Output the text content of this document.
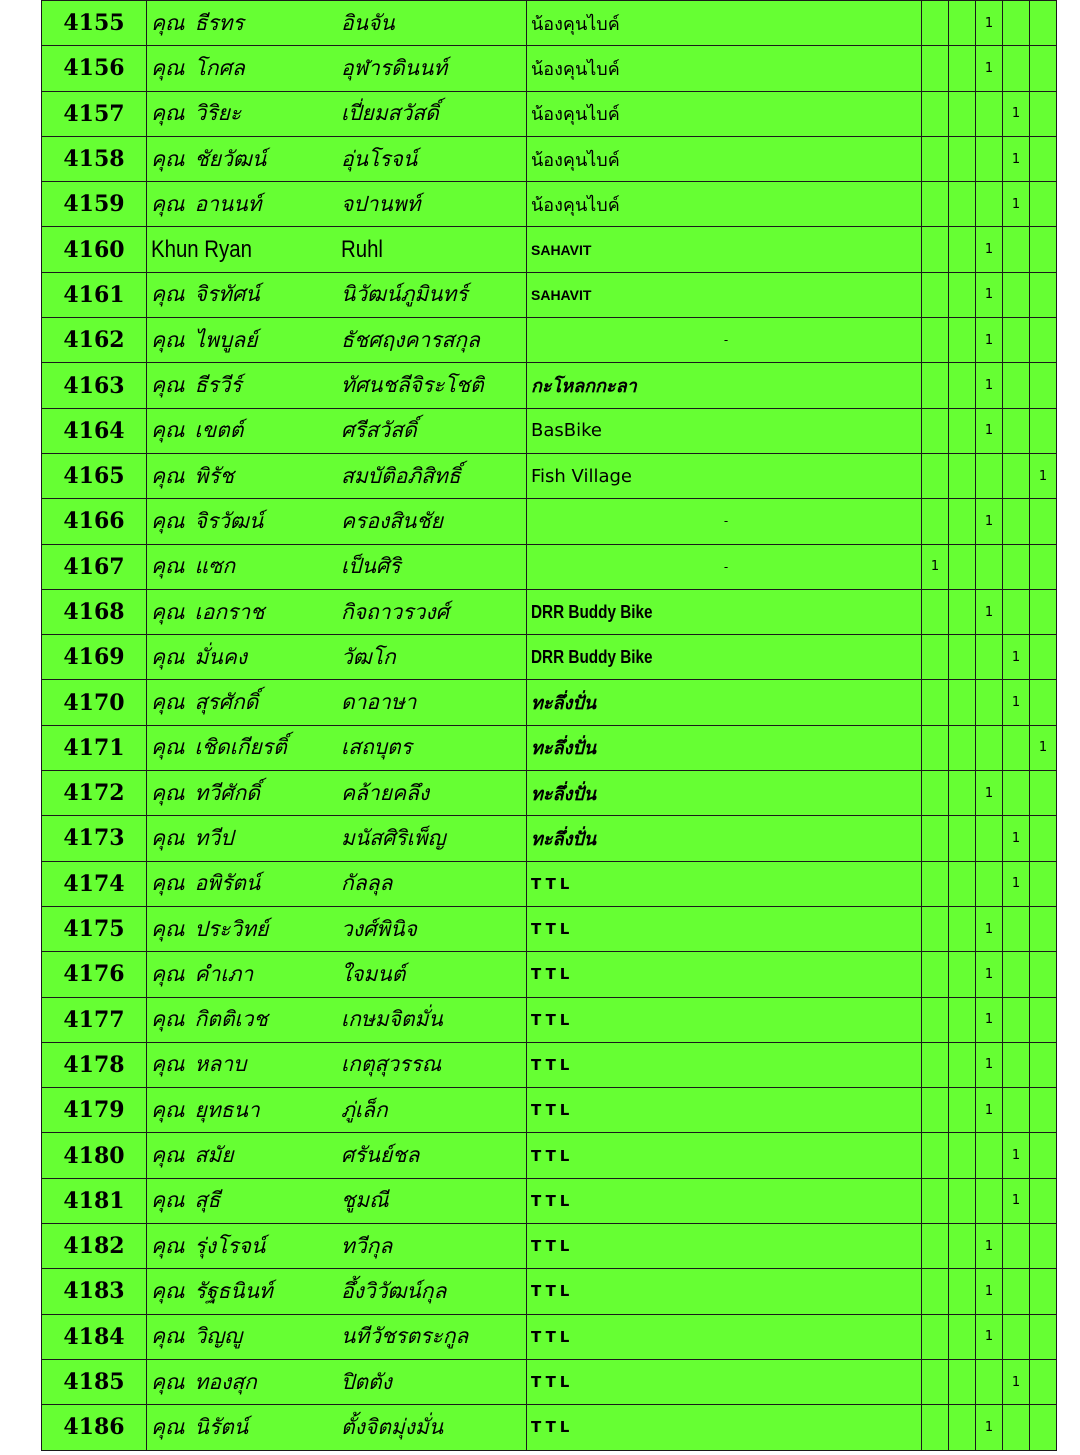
4155	คุณ ธีรทร	อินจัน	น้องคุนไบค์			1		
4156	คุณ โกศล	อุฬารดินนท์	น้องคุนไบค์			1		
4157	คุณ วิริยะ	เปี่ยมสวัสดิ์	น้องคุนไบค์				1	
4158	คุณ ชัยวัฒน์	อุ่นโรจน์	น้องคุนไบค์				1	
4159	คุณ อานนท์	จปานพท์	น้องคุนไบค์				1	
4160	Khun Ryan	Ruhl	SAHAVIT			1		
4161	คุณ จิรทัศน์	นิวัฒน์ภูมินทร์	SAHAVIT			1		
4162	คุณ ไพบูลย์	ธัชศฤงคารสกุล	-			1		
4163	คุณ ธีรวีร์	ทัศนชลีจิระโชติ	กะโหลกกะลา			1		
4164	คุณ เขตต์	ศรีสวัสดิ์	BasBike			1		
4165	คุณ พิรัช	สมบัติอภิสิทธิ์	Fish Village					1
4166	คุณ จิรวัฒน์	ครองสินชัย	-			1		
4167	คุณ แซก	เป็นศิริ	-	1				
4168	คุณ เอกราช	กิจถาวรวงศ์	DRR Buddy Bike			1		
4169	คุณ มั่นคง	วัฒโก	DRR Buddy Bike				1	
4170	คุณ สุรศักดิ์	ดาอาษา	ทะลึ่งปั่น				1	
4171	คุณ เชิดเกียรติ์	เสถบุตร	ทะลึ่งปั่น					1
4172	คุณ ทวีศักดิ์	คล้ายคลึง	ทะลึ่งปั่น			1		
4173	คุณ ทวีป	มนัสศิริเพ็ญ	ทะลึ่งปั่น				1	
4174	คุณ อพิรัตน์	กัลลุล	TTL				1	
4175	คุณ ประวิทย์	วงศ์พินิจ	TTL			1		
4176	คุณ คำเภา	ใจมนต์	TTL			1		
4177	คุณ กิตติเวช	เกษมจิตมั่น	TTL			1		
4178	คุณ หลาบ	เกตุสุวรรณ	TTL			1		
4179	คุณ ยุทธนา	ภู่เล็ก	TTL			1		
4180	คุณ สมัย	ศรันย์ชล	TTL				1	
4181	คุณ สุธี	ชูมณี	TTL				1	
4182	คุณ รุ่งโรจน์	ทวีกุล	TTL			1		
4183	คุณ รัฐธนินท์	อึ้งวิวัฒน์กุล	TTL			1		
4184	คุณ วิญญู	นทีวัชรตระกูล	TTL			1		
4185	คุณ ทองสุก	ปิตตัง	TTL				1	
4186	คุณ นิรัตน์	ตั้งจิตมุ่งมั่น	TTL			1		
